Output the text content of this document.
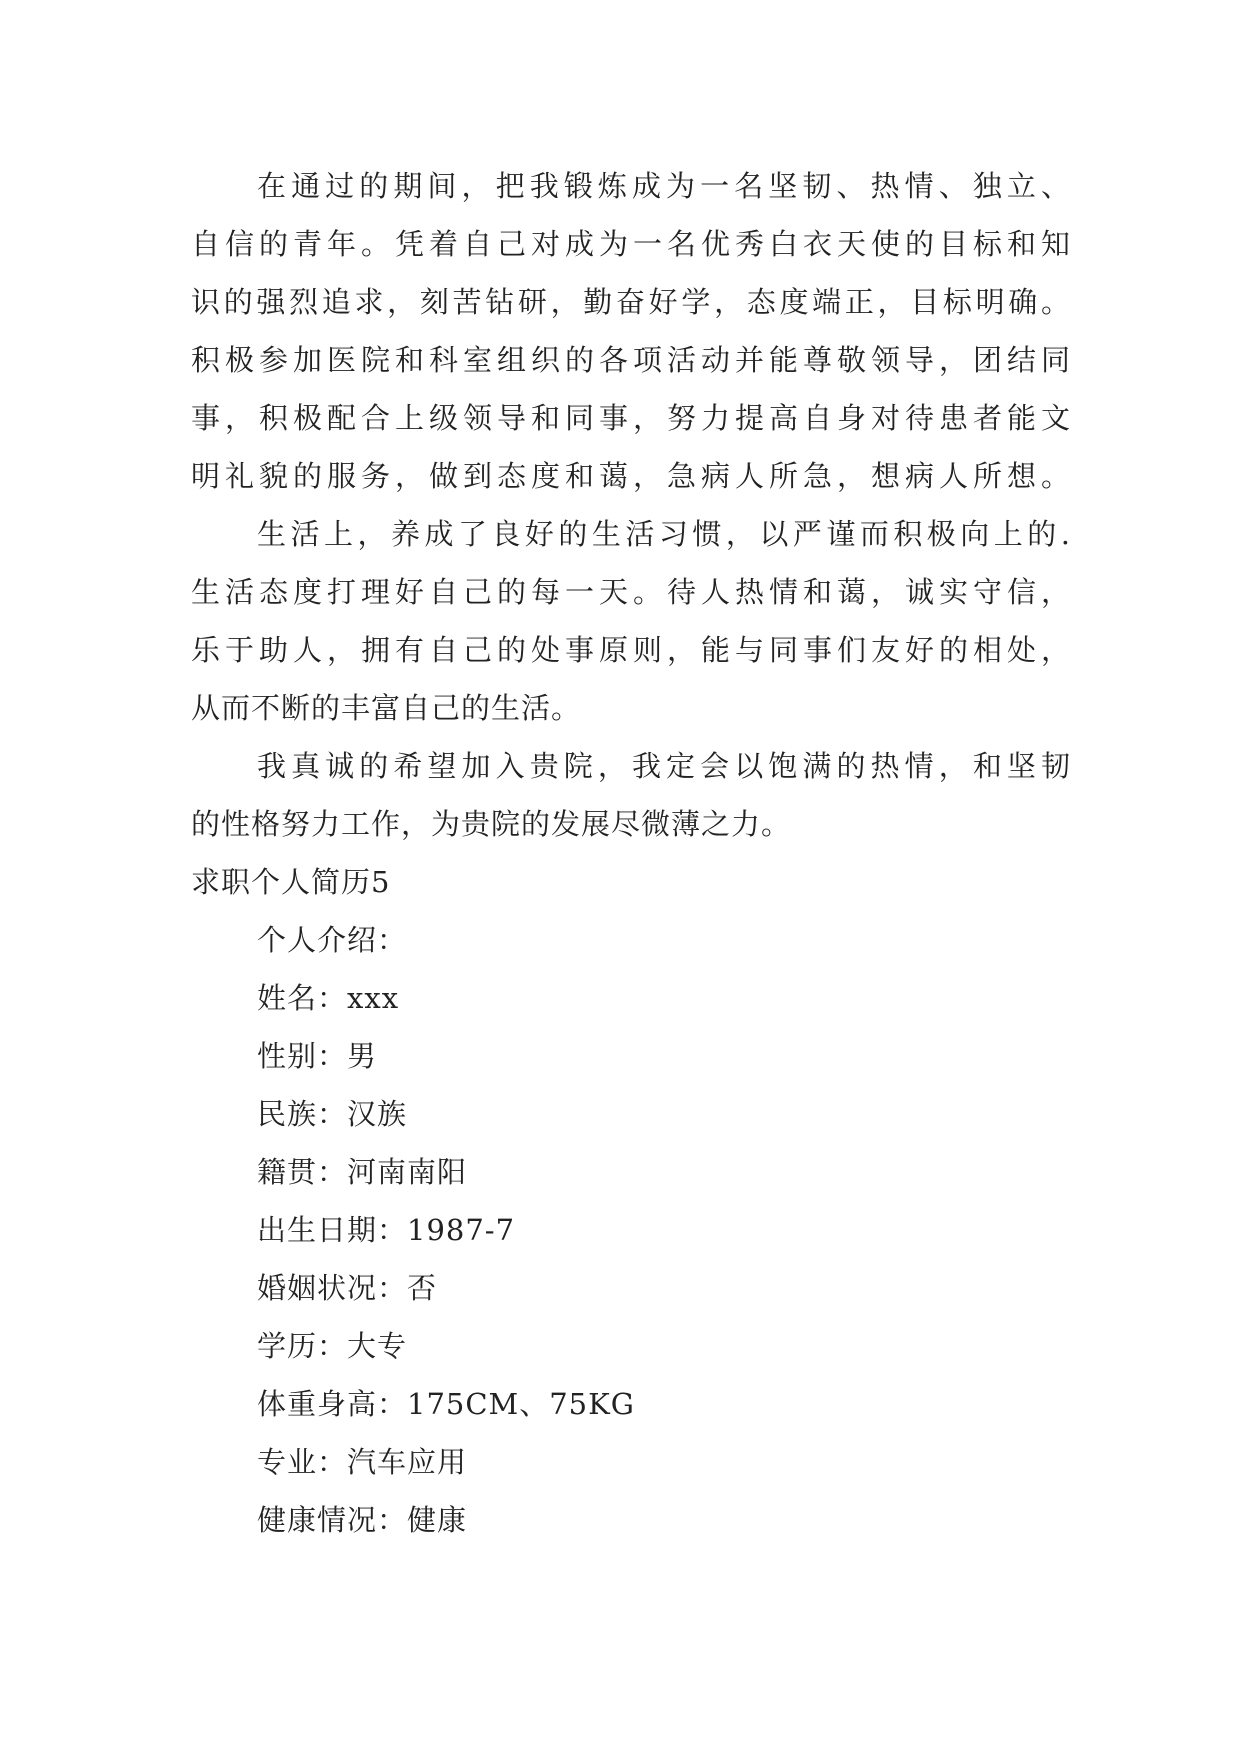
在通过的期间，把我锻炼成为一名坚韧、热情、独立、
自信的青年。凭着自己对成为一名优秀白衣天使的目标和知
识的强烈追求，刻苦钻研，勤奋好学，态度端正，目标明确。
积极参加医院和科室组织的各项活动并能尊敬领导，团结同
事，积极配合上级领导和同事，努力提高自身对待患者能文
明礼貌的服务，做到态度和蔼，急病人所急，想病人所想。
生活上，养成了良好的生活习惯，以严谨而积极向上的.
生活态度打理好自己的每一天。待人热情和蔼，诚实守信，
乐于助人，拥有自己的处事原则，能与同事们友好的相处，
从而不断的丰富自己的生活。
我真诚的希望加入贵院，我定会以饱满的热情，和坚韧
的性格努力工作，为贵院的发展尽微薄之力。
求职个人简历5
个人介绍：
姓名：xxx
性别：男
民族：汉族
籍贯：河南南阳
出生日期：1987-7
婚姻状况：否
学历：大专
体重身高：175CM、75KG
专业：汽车应用
健康情况：健康
